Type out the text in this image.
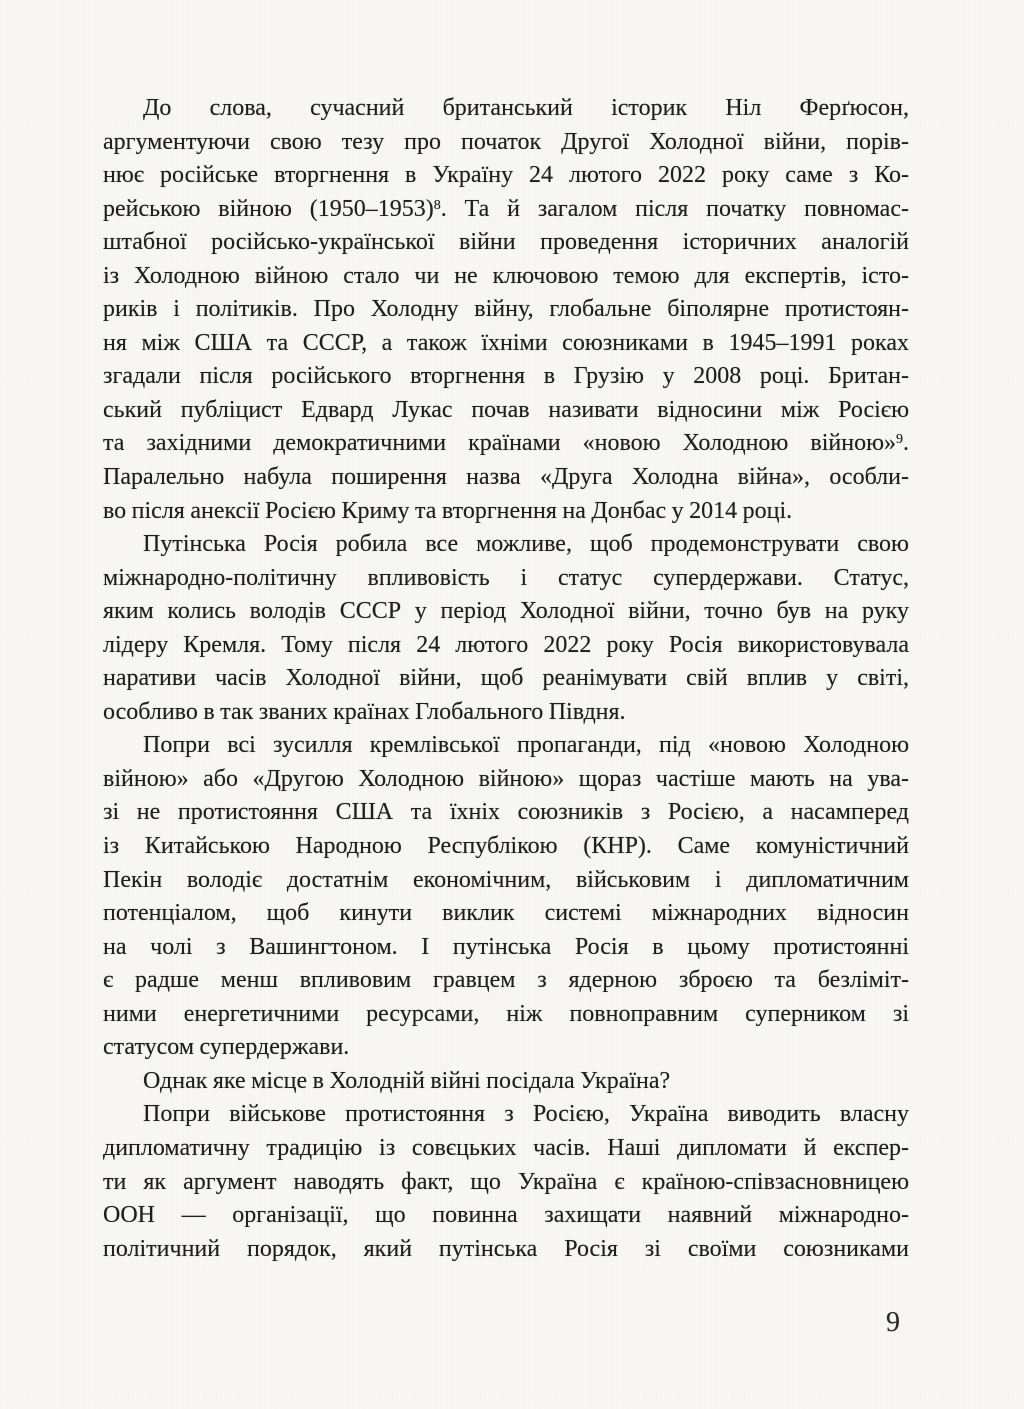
До слова, сучасний британський історик Ніл Ферґюсон,
аргументуючи свою тезу про початок Другої Холодної війни, порів-
нює російське вторгнення в Україну 24 лютого 2022 року саме з Ко-
рейською війною (1950–1953)$^8$. Та й загалом після початку повномас-
штабної російсько-української війни проведення історичних аналогій
із Холодною війною стало чи не ключовою темою для експертів, істо-
риків і політиків. Про Холодну війну, глобальне біполярне протистоян-
ня між США та СССР, а також їхніми союзниками в 1945–1991 роках
згадали після російського вторгнення в Грузію у 2008 році. Британ-
ський публіцист Едвард Лукас почав називати відносини між Росією
та західними демократичними країнами «новою Холодною війною»$^9$.
Паралельно набула поширення назва «Друга Холодна війна», особли-
во після анексії Росією Криму та вторгнення на Донбас у 2014 році.
Путінська Росія робила все можливе, щоб продемонструвати свою
міжнародно-політичну впливовість і статус супердержави. Статус,
яким колись володів СССР у період Холодної війни, точно був на руку
лідеру Кремля. Тому після 24 лютого 2022 року Росія використовувала
наративи часів Холодної війни, щоб реанімувати свій вплив у світі,
особливо в так званих країнах Глобального Півдня.
Попри всі зусилля кремлівської пропаганди, під «новою Холодною
війною» або «Другою Холодною війною» щораз частіше мають на ува-
зі не протистояння США та їхніх союзників з Росією, а насамперед
із Китайською Народною Республікою (КНР). Саме комуністичний
Пекін володіє достатнім економічним, військовим і дипломатичним
потенціалом, щоб кинути виклик системі міжнародних відносин
на чолі з Вашингтоном. І путінська Росія в цьому протистоянні
є радше менш впливовим гравцем з ядерною зброєю та безліміт-
ними енергетичними ресурсами, ніж повноправним суперником зі
статусом супердержави.
Однак яке місце в Холодній війні посідала Україна?
Попри військове протистояння з Росією, Україна виводить власну
дипломатичну традицію із совєцьких часів. Наші дипломати й експер-
ти як аргумент наводять факт, що Україна є країною-співзасновницею
ООН — організації, що повинна захищати наявний міжнародно-
політичний порядок, який путінська Росія зі своїми союзниками
9
